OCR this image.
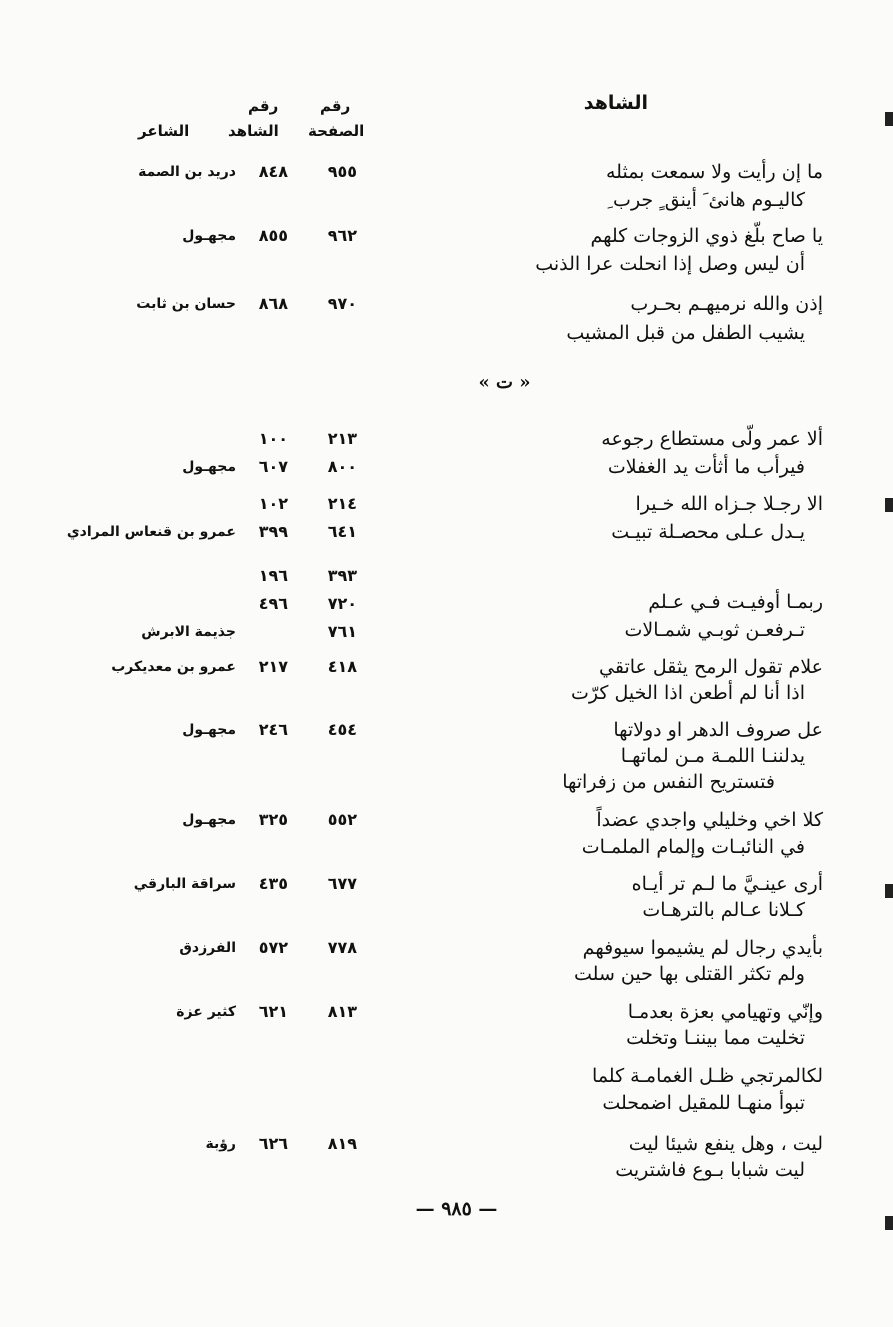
الشاهد
رقم
رقم
الصفحة
الشاهد
الشاعر
ما إن رأيت ولا سمعت بمثله
كاليـوم هانئ َ أينق ٍ جرب ِ
٩٥٥
٨٤٨
دريد بن الصمة
يا صاح بلّغ ذوي الزوجات كلهم
أن ليس وصل إذا انحلت عرا الذنب
٩٦٢
٨٥٥
مجهـول
إذن والله نرميهـم بحـرب
يشيب الطفل من قبل المشيب
٩٧٠
٨٦٨
حسان بن ثابت
« ت »
ألا عمر ولّى مستطاع رجوعه
فيرأب ما أثأت يد الغفلات
٢١٣
١٠٠
٨٠٠
٦٠٧
مجهـول
الا رجـلا جـزاه الله خـيرا
يـدل عـلى محصـلة تبيـت
٢١٤
١٠٢
٦٤١
٣٩٩
عمرو بن قنعاس المرادي
٣٩٣
١٩٦
ربمـا أوفيـت فـي عـلم
٧٢٠
٤٩٦
تـرفعـن ثوبـي شمـالات
٧٦١
جذيمة الابرش
علام تقول الرمح يثقل عاتقي
اذا أنا لم أطعن اذا الخيل كرّت
٤١٨
٢١٧
عمرو بن معديكرب
عل صروف الدهر او دولاتها
يدلننـا اللمـة مـن لماتهـا
فتستريح النفس من زفراتها
٤٥٤
٢٤٦
مجهـول
كلا اخي وخليلي واجدي عضداً
في النائبـات وإلمام الملمـات
٥٥٢
٣٢٥
مجهـول
أرى عينـيَّ ما لـم تر أيـاه
كـلانا عـالم بالترهـات
٦٧٧
٤٣٥
سراقة البارقي
بأيدي رجال لم يشيموا سيوفهم
ولم تكثر القتلى بها حين سلت
٧٧٨
٥٧٢
الفرزدق
وإنّي وتهيامي بعزة بعدمـا
تخليت مما بيننـا وتخلت
٨١٣
٦٢١
كثير عزة
لكالمرتجي ظـل الغمامـة كلما
تبوأ منهـا للمقيل اضمحلت
ليت ، وهل ينفع شيئا ليت
ليت شبابا بـوع فاشتريت
٨١٩
٦٢٦
رؤبة
— ٩٨٥ —
